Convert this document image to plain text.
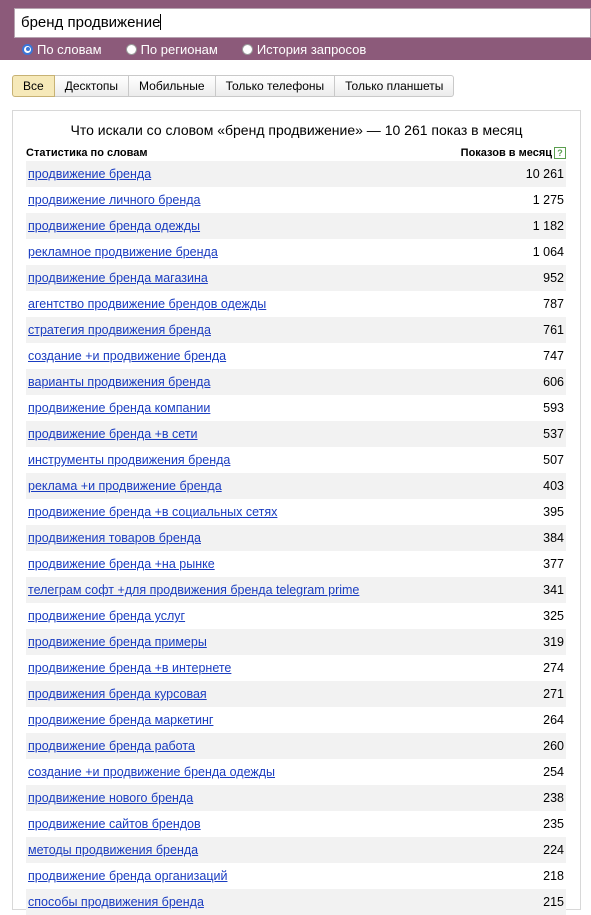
бренд продвижение
По словам	По регионам	История запросов
Все	Десктопы	Мобильные	Только телефоны	Только планшеты
Что искали со словом «бренд продвижение» — 10 261 показ в месяц
Статистика по словам	Показов в месяц ?
продвижение бренда	10 261
продвижение личного бренда	1 275
продвижение бренда одежды	1 182
рекламное продвижение бренда	1 064
продвижение бренда магазина	952
агентство продвижение брендов одежды	787
стратегия продвижения бренда	761
создание +и продвижение бренда	747
варианты продвижения бренда	606
продвижение бренда компании	593
продвижение бренда +в сети	537
инструменты продвижения бренда	507
реклама +и продвижение бренда	403
продвижение бренда +в социальных сетях	395
продвижения товаров бренда	384
продвижение бренда +на рынке	377
телеграм софт +для продвижения бренда telegram prime	341
продвижение бренда услуг	325
продвижение бренда примеры	319
продвижение бренда +в интернете	274
продвижения бренда курсовая	271
продвижение бренда маркетинг	264
продвижение бренда работа	260
создание +и продвижение бренда одежды	254
продвижение нового бренда	238
продвижение сайтов брендов	235
методы продвижения бренда	224
продвижение бренда организаций	218
способы продвижения бренда	215
